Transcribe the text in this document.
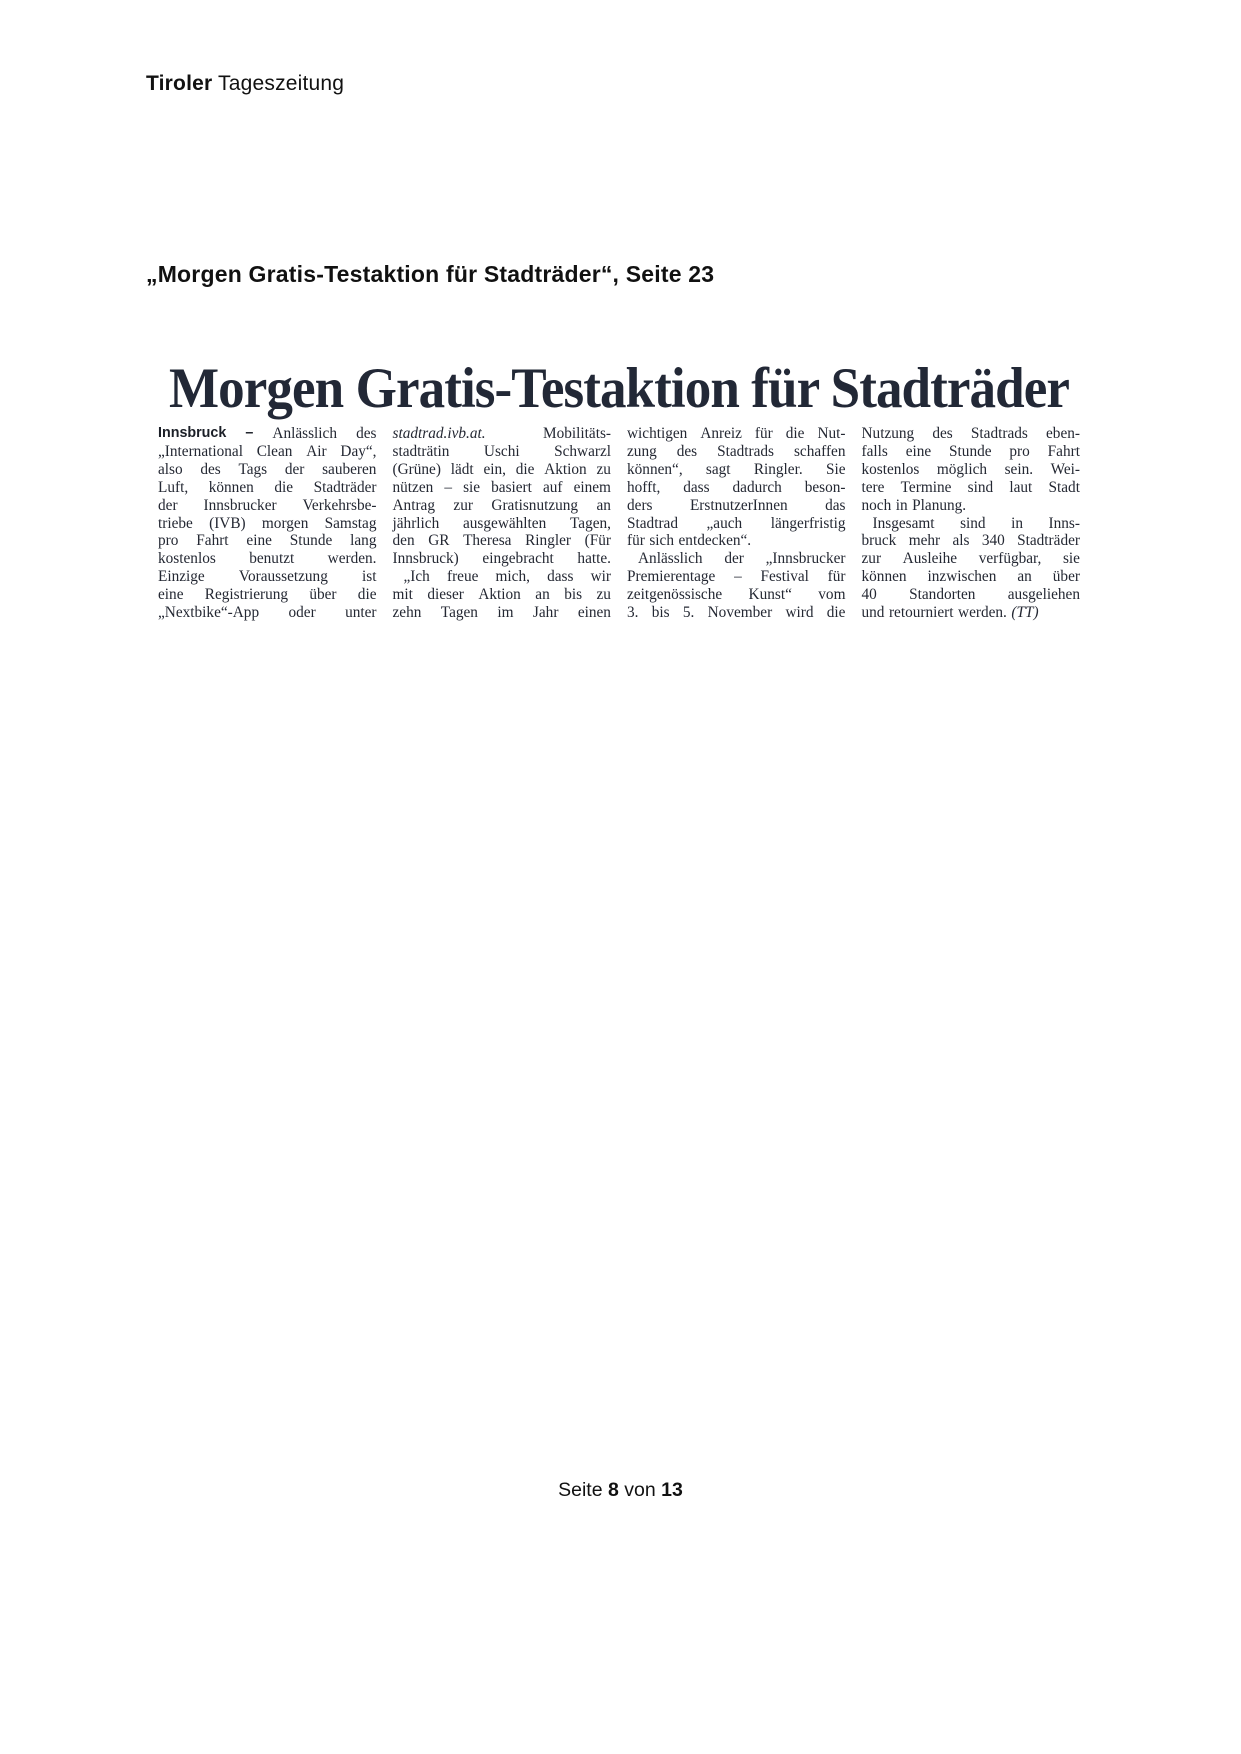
Tiroler Tageszeitung
„Morgen Gratis-Testaktion für Stadträder“, Seite 23
Morgen Gratis-Testaktion für Stadträder
Innsbruck – Anlässlich des
„International Clean Air Day“,
also des Tags der sauberen
Luft, können die Stadträder
der Innsbrucker Verkehrsbe-
triebe (IVB) morgen Samstag
pro Fahrt eine Stunde lang
kostenlos benutzt werden.
Einzige Voraussetzung ist
eine Registrierung über die
„Nextbike“-App oder unter
stadtrad.ivb.at.	Mobilitäts-
stadträtin Uschi Schwarzl
(Grüne) lädt ein, die Aktion zu
nützen – sie basiert auf einem
Antrag zur Gratisnutzung an
jährlich ausgewählten Tagen,
den GR Theresa Ringler (Für
Innsbruck) eingebracht hatte.
„Ich freue mich, dass wir
mit dieser Aktion an bis zu
zehn Tagen im Jahr einen
wichtigen Anreiz für die Nut-
zung des Stadtrads schaffen
können“, sagt Ringler. Sie
hofft, dass dadurch beson-
ders ErstnutzerInnen das
Stadtrad „auch längerfristig
für sich entdecken“.
Anlässlich der „Innsbrucker
Premierentage – Festival für
zeitgenössische Kunst“ vom
3. bis 5. November wird die
Nutzung des Stadtrads eben-
falls eine Stunde pro Fahrt
kostenlos möglich sein. Wei-
tere Termine sind laut Stadt
noch in Planung.
Insgesamt sind in Inns-
bruck mehr als 340 Stadträder
zur Ausleihe verfügbar, sie
können inzwischen an über
40 Standorten ausgeliehen
und retourniert werden. (TT)
Seite 8 von 13
